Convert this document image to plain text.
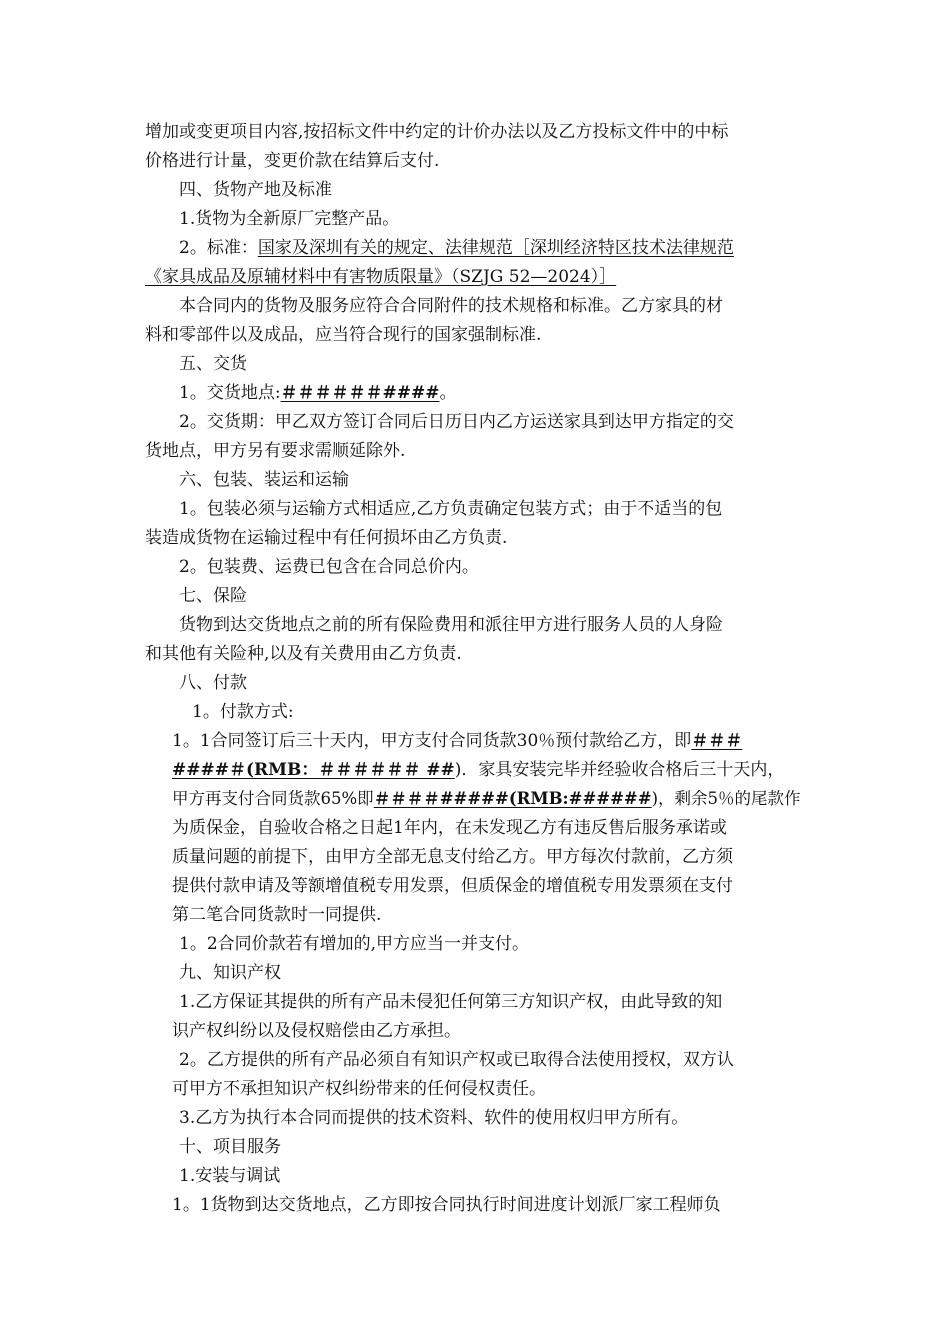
增加或变更项目内容,按招标文件中约定的计价办法以及乙方投标文件中的中标
价格进行计量，变更价款在结算后支付.
四、货物产地及标准
1.货物为全新原厂完整产品。
2。标准：国家及深圳有关的规定、法律规范［深圳经济特区技术法律规范
《家具成品及原辅材料中有害物质限量》（SZJG 52—2024）］
本合同内的货物及服务应符合合同附件的技术规格和标准。乙方家具的材
料和零部件以及成品，应当符合现行的国家强制标准.
五、交货
1。交货地点:＃＃＃＃＃＃####。
2。交货期：甲乙双方签订合同后日历日内乙方运送家具到达甲方指定的交
货地点，甲方另有要求需顺延除外.
六、包装、装运和运输
1。包装必须与运输方式相适应,乙方负责确定包装方式；由于不适当的包
装造成货物在运输过程中有任何损坏由乙方负责.
2。包装费、运费已包含在合同总价内。
七、保险
货物到达交货地点之前的所有保险费用和派往甲方进行服务人员的人身险
和其他有关险种,以及有关费用由乙方负责.
八、付款
1。付款方式:
1。1合同签订后三十天内，甲方支付合同货款30％预付款给乙方，即＃＃＃
####＃(RMB：＃＃＃＃＃＃ ##)．家具安装完毕并经验收合格后三十天内，
甲方再支付合同货款65%即＃＃＃＃#####(RMB:######)，剩余5％的尾款作
为质保金，自验收合格之日起1年内，在未发现乙方有违反售后服务承诺或
质量问题的前提下，由甲方全部无息支付给乙方。甲方每次付款前，乙方须
提供付款申请及等额增值税专用发票，但质保金的增值税专用发票须在支付
第二笔合同货款时一同提供.
1。2合同价款若有增加的,甲方应当一并支付。
九、知识产权
1.乙方保证其提供的所有产品未侵犯任何第三方知识产权，由此导致的知
识产权纠纷以及侵权赔偿由乙方承担。
2。乙方提供的所有产品必须自有知识产权或已取得合法使用授权，双方认
可甲方不承担知识产权纠纷带来的任何侵权责任。
3.乙方为执行本合同而提供的技术资料、软件的使用权归甲方所有。
十、项目服务
1.安装与调试
1。1货物到达交货地点，乙方即按合同执行时间进度计划派厂家工程师负
